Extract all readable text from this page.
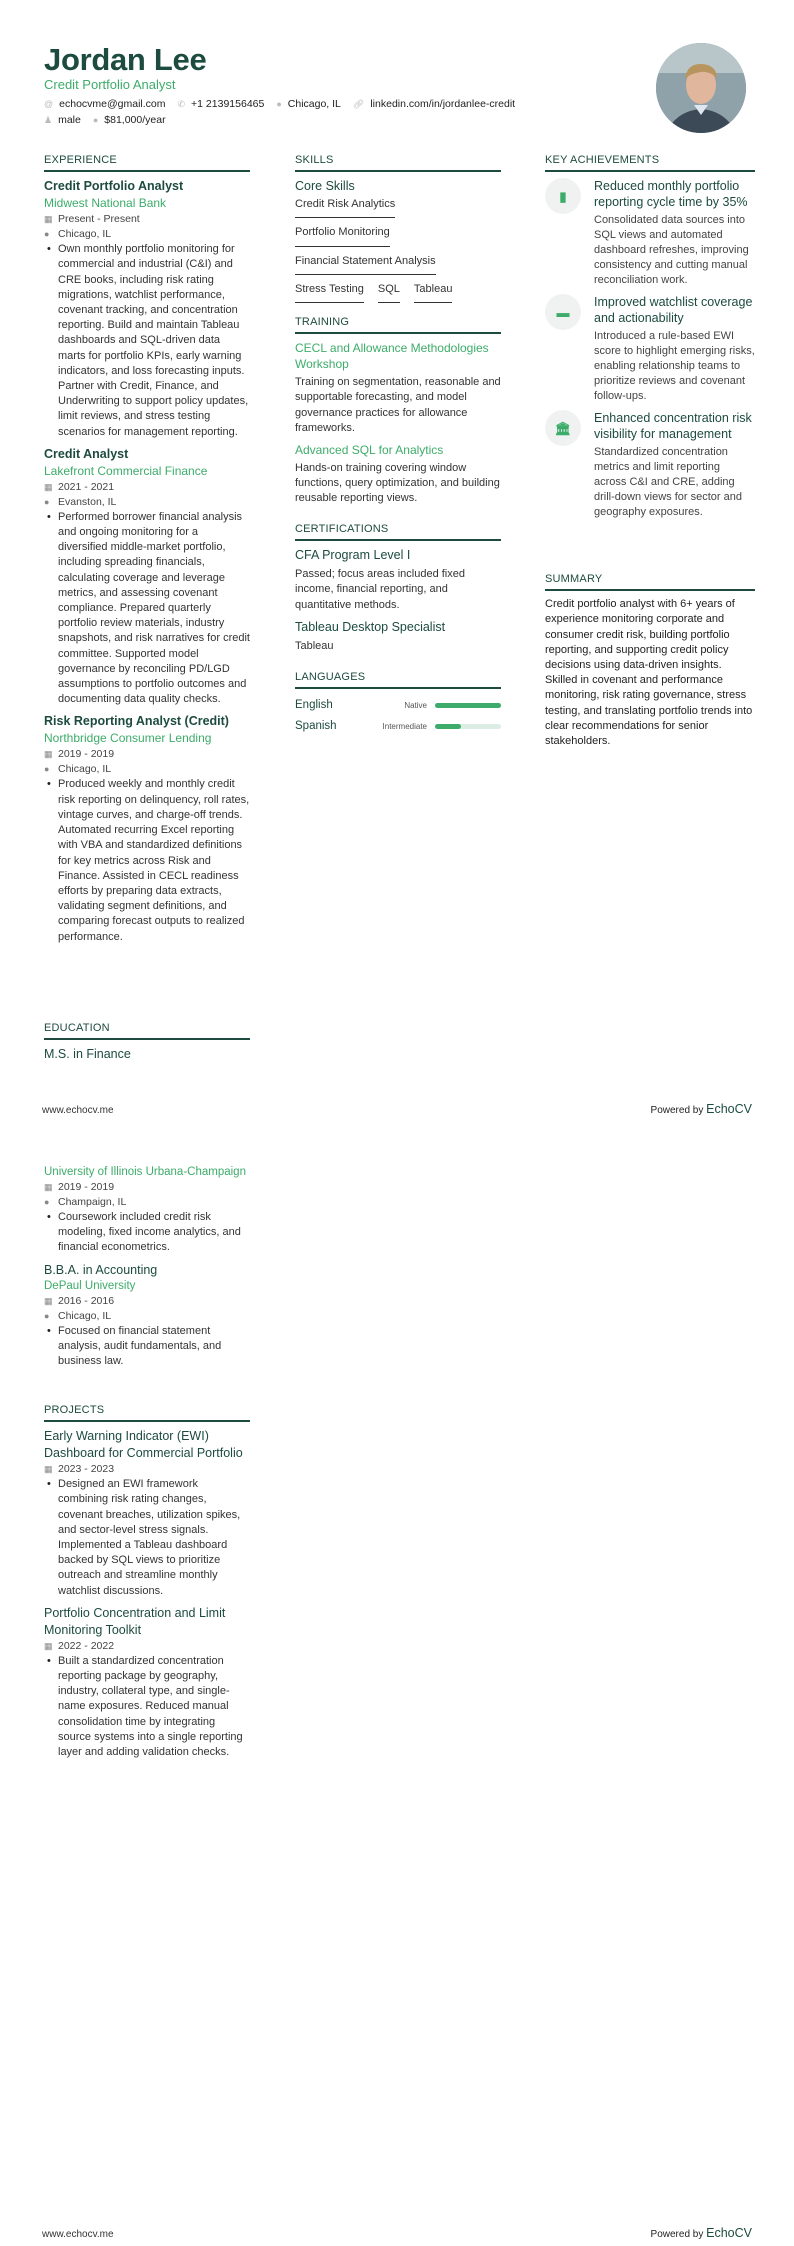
Jordan Lee
Credit Portfolio Analyst
@ echocvme@gmail.com ✆ +1 2139156465 ● Chicago, IL 🔗︎ linkedin.com/in/jordanlee-credit
♟ male ● $81,000/year
EXPERIENCE
Credit Portfolio Analyst
Midwest National Bank
▦ Present - Present
● Chicago, IL
• Own monthly portfolio monitoring for commercial and industrial (C&I) and CRE books, including risk rating migrations, watchlist performance, covenant tracking, and concentration reporting. Build and maintain Tableau dashboards and SQL-driven data marts for portfolio KPIs, early warning indicators, and loss forecasting inputs. Partner with Credit, Finance, and Underwriting to support policy updates, limit reviews, and stress testing scenarios for management reporting.
Credit Analyst
Lakefront Commercial Finance
▦ 2021 - 2021
● Evanston, IL
• Performed borrower financial analysis and ongoing monitoring for a diversified middle-market portfolio, including spreading financials, calculating coverage and leverage metrics, and assessing covenant compliance. Prepared quarterly portfolio review materials, industry snapshots, and risk narratives for credit committee. Supported model governance by reconciling PD/LGD assumptions to portfolio outcomes and documenting data quality checks.
Risk Reporting Analyst (Credit)
Northbridge Consumer Lending
▦ 2019 - 2019
● Chicago, IL
• Produced weekly and monthly credit risk reporting on delinquency, roll rates, vintage curves, and charge-off trends. Automated recurring Excel reporting with VBA and standardized definitions for key metrics across Risk and Finance. Assisted in CECL readiness efforts by preparing data extracts, validating segment definitions, and comparing forecast outputs to realized performance.
EDUCATION
M.S. in Finance
SKILLS
Core Skills
Credit Risk Analytics
Portfolio Monitoring
Financial Statement Analysis
Stress Testing SQL Tableau
TRAINING
CECL and Allowance Methodologies Workshop
Training on segmentation, reasonable and supportable forecasting, and model governance practices for allowance frameworks.
Advanced SQL for Analytics
Hands-on training covering window functions, query optimization, and building reusable reporting views.
CERTIFICATIONS
CFA Program Level I
Passed; focus areas included fixed income, financial reporting, and quantitative methods.
Tableau Desktop Specialist
Tableau
LANGUAGES
English	Native
Spanish	Intermediate
KEY ACHIEVEMENTS
▮
Reduced monthly portfolio reporting cycle time by 35%
Consolidated data sources into SQL views and automated dashboard refreshes, improving consistency and cutting manual reconciliation work.
▬
Improved watchlist coverage and actionability
Introduced a rule-based EWI score to highlight emerging risks, enabling relationship teams to prioritize reviews and covenant follow-ups.
🏛︎
Enhanced concentration risk visibility for management
Standardized concentration metrics and limit reporting across C&I and CRE, adding drill-down views for sector and geography exposures.
SUMMARY

Credit portfolio analyst with 6+ years of experience monitoring corporate and consumer credit risk, building portfolio reporting, and supporting credit policy decisions using data-driven insights.

Skilled in covenant and performance monitoring, risk rating governance, stress testing, and translating portfolio trends into clear recommendations for senior stakeholders.

www.echocv.me	Powered by EchoCV
University of Illinois Urbana-Champaign
▦ 2019 - 2019
● Champaign, IL
• Coursework included credit risk modeling, fixed income analytics, and financial econometrics.
B.B.A. in Accounting
DePaul University
▦ 2016 - 2016
● Chicago, IL
• Focused on financial statement analysis, audit fundamentals, and business law.
PROJECTS
Early Warning Indicator (EWI) Dashboard for Commercial Portfolio
▦ 2023 - 2023
• Designed an EWI framework combining risk rating changes, covenant breaches, utilization spikes, and sector-level stress signals. Implemented a Tableau dashboard backed by SQL views to prioritize outreach and streamline monthly watchlist discussions.
Portfolio Concentration and Limit Monitoring Toolkit
▦ 2022 - 2022
• Built a standardized concentration reporting package by geography, industry, collateral type, and single-name exposures. Reduced manual consolidation time by integrating source systems into a single reporting layer and adding validation checks.
www.echocv.me	Powered by EchoCV
